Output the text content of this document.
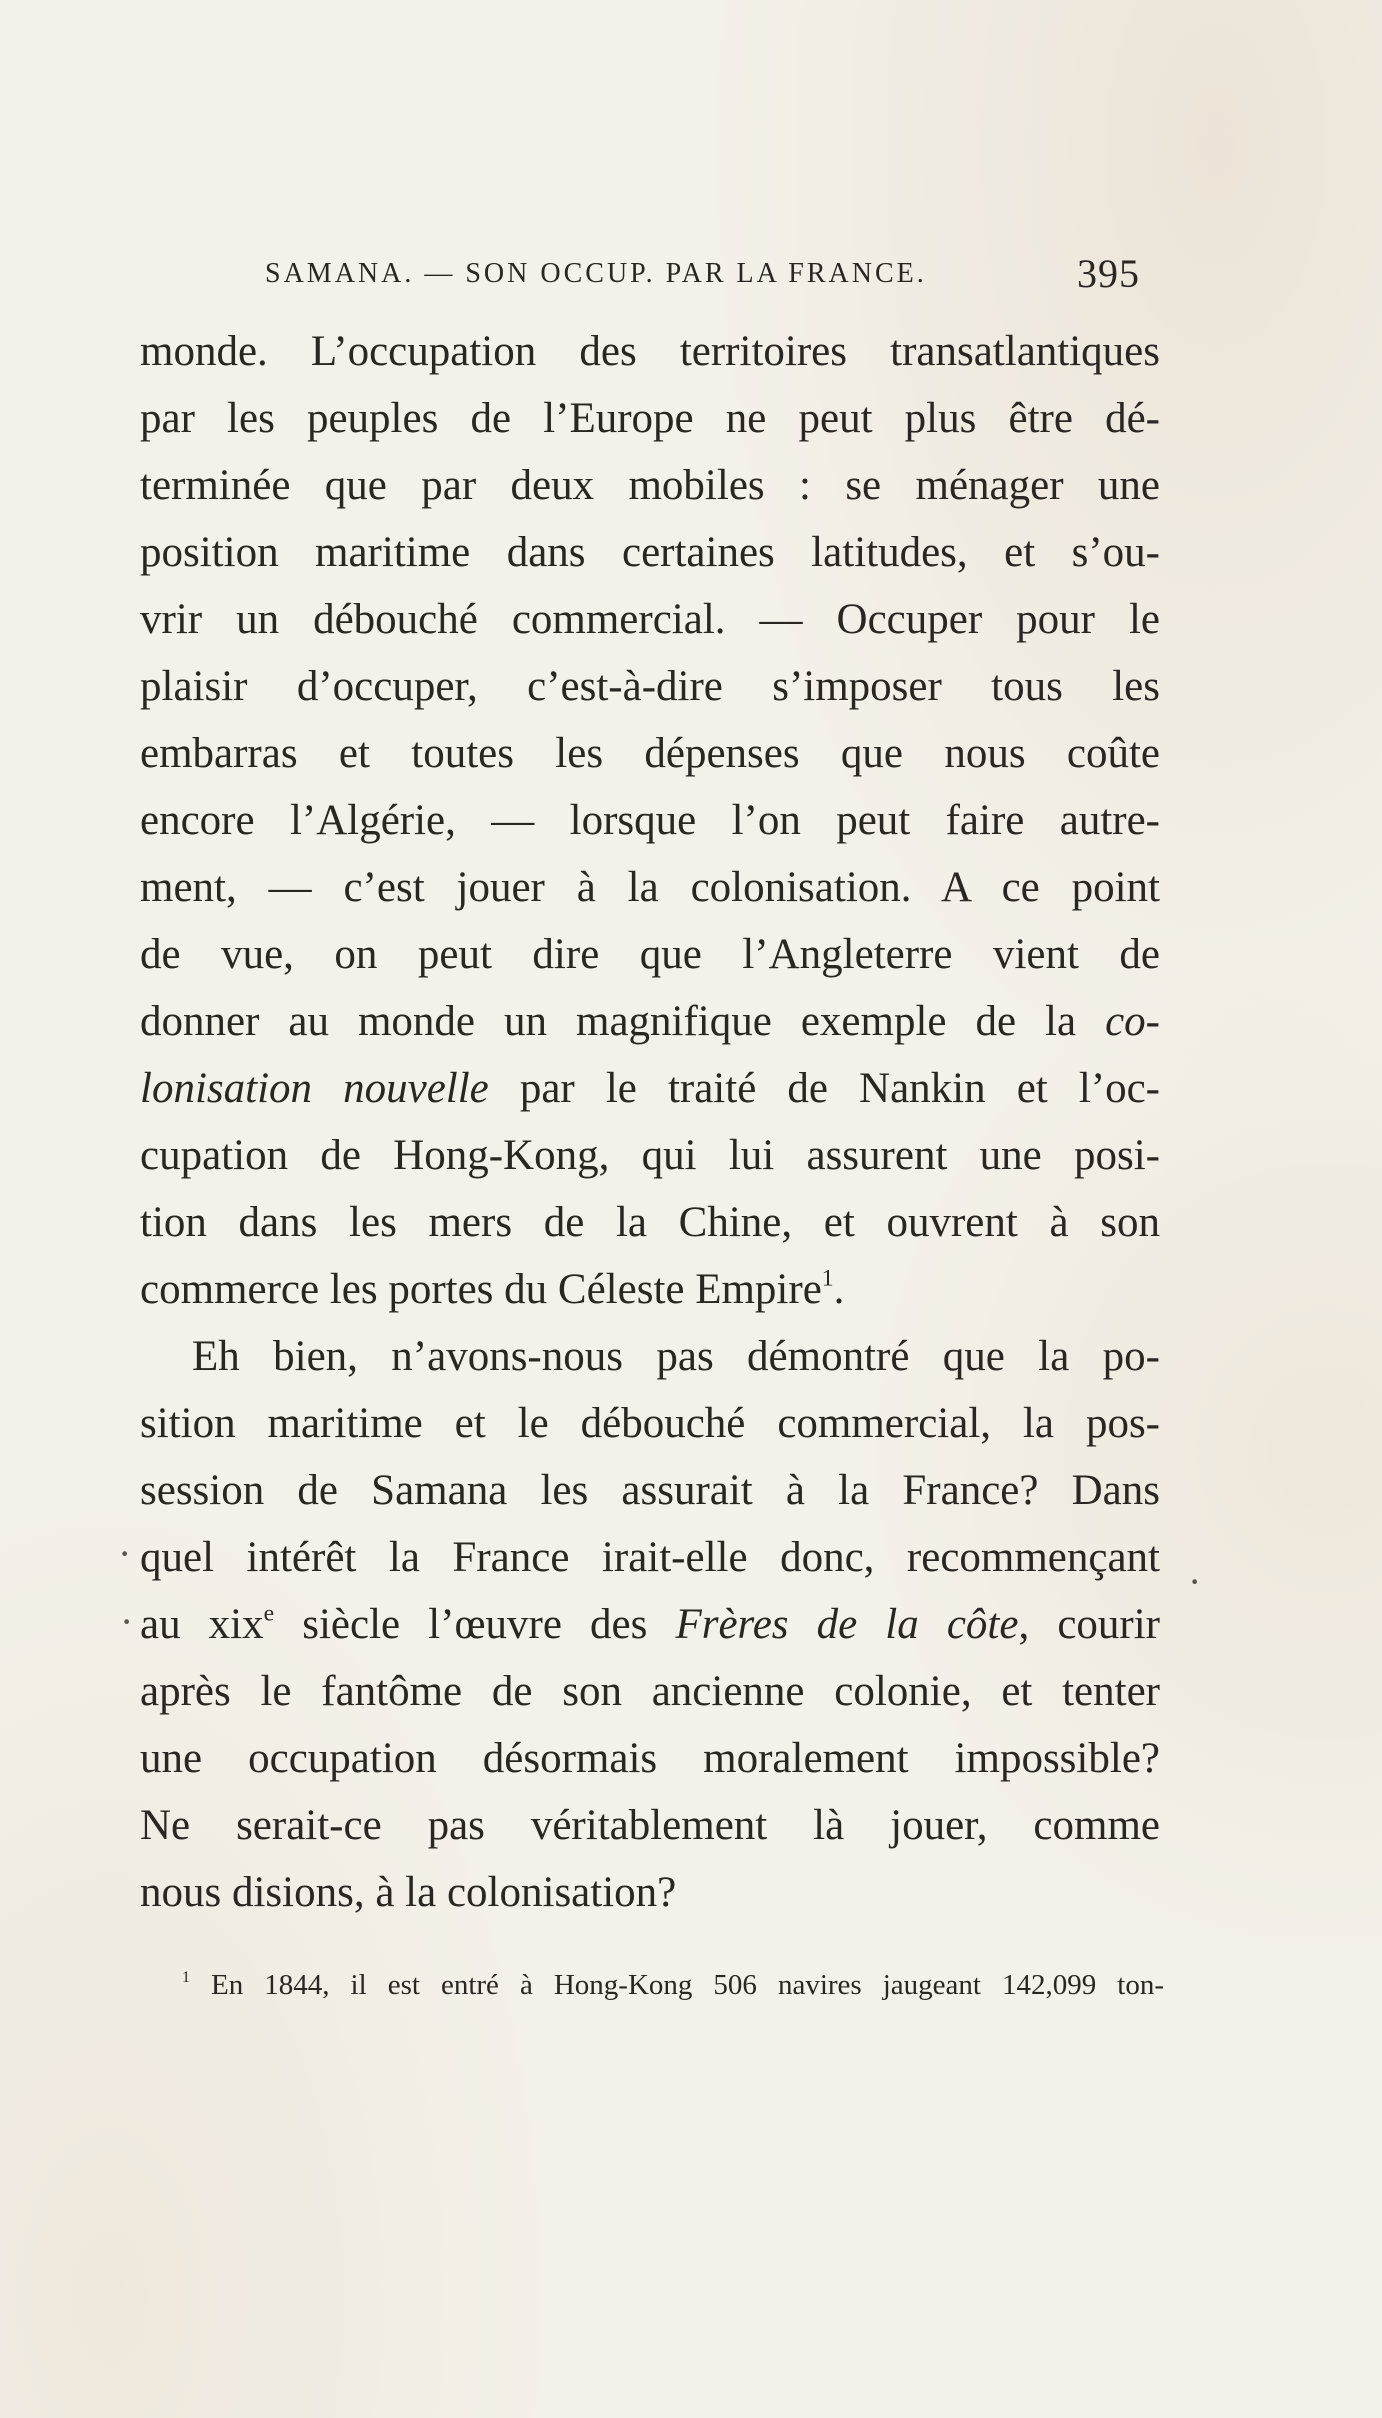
SAMANA. — SON OCCUP. PAR LA FRANCE.	395
monde. L’occupation des territoires transatlantiques
par les peuples de l’Europe ne peut plus être dé-
terminée que par deux mobiles : se ménager une
position maritime dans certaines latitudes, et s’ou-
vrir un débouché commercial. — Occuper pour le
plaisir d’occuper, c’est-à-dire s’imposer tous les
embarras et toutes les dépenses que nous coûte
encore l’Algérie, — lorsque l’on peut faire autre-
ment, — c’est jouer à la colonisation. A ce point
de vue, on peut dire que l’Angleterre vient de
donner au monde un magnifique exemple de la co-
lonisation nouvelle par le traité de Nankin et l’oc-
cupation de Hong-Kong, qui lui assurent une posi-
tion dans les mers de la Chine, et ouvrent à son
commerce les portes du Céleste Empire$^1$.
Eh bien, n’avons-nous pas démontré que la po-
sition maritime et le débouché commercial, la pos-
session de Samana les assurait à la France? Dans
quel intérêt la France irait-elle donc, recommençant
au xix$^e$ siècle l’œuvre des Frères de la côte, courir
après le fantôme de son ancienne colonie, et tenter
une occupation désormais moralement impossible?
Ne serait-ce pas véritablement là jouer, comme
nous disions, à la colonisation?
$^1$ En 1844, il est entré à Hong-Kong 506 navires jaugeant 142,099 ton-
·
·
·
